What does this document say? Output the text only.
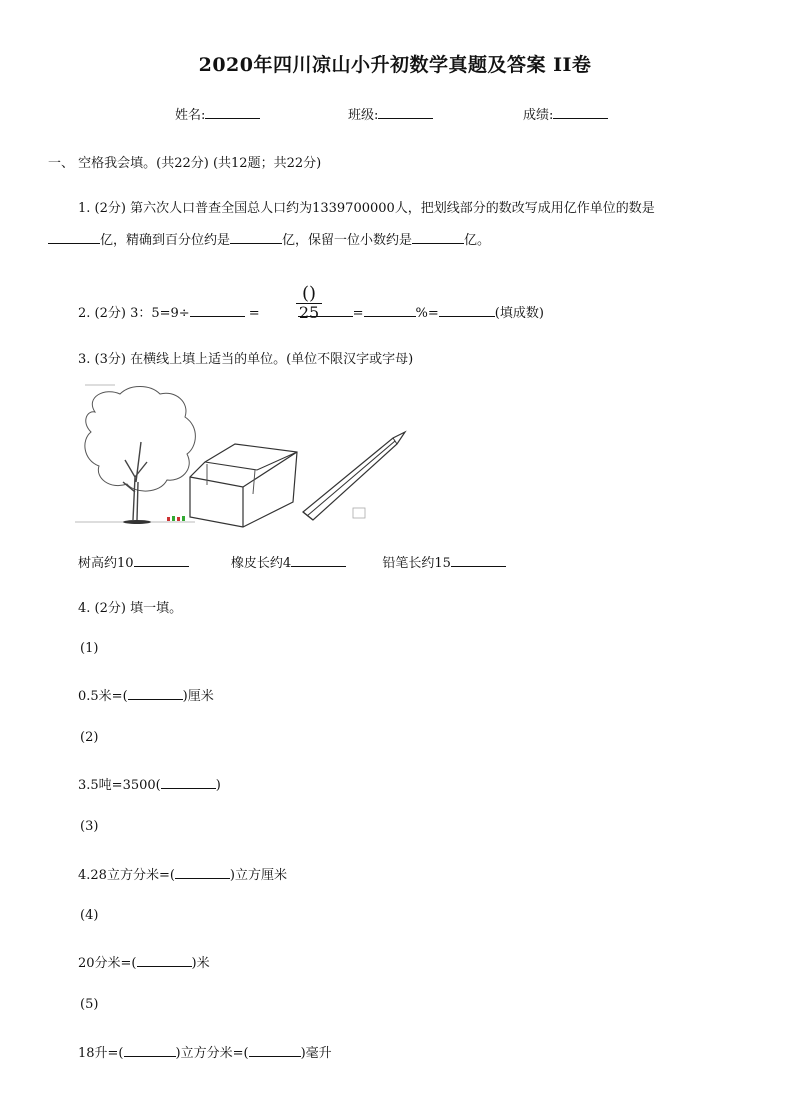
2020年四川凉山小升初数学真题及答案 II卷
姓名:	班级:	成绩:
一、 空格我会填。(共22分) (共12题；共22分)
1. (2分) 第六次人口普查全国总人口约为1339700000人，把划线部分的数改写成用亿作单位的数是
亿，精确到百分位约是	亿，保留一位小数约是	亿。
2. (2分) 3：5=9÷	=	=	%=	(填成数)
()
25
3. (3分) 在横线上填上适当的单位。(单位不限汉字或字母)
树高约10	橡皮长约4	铅笔长约15
4. (2分) 填一填。
(1)
0.5米=(	)厘米
(2)
3.5吨=3500(	)
(3)
4.28立方分米=(	)立方厘米
(4)
20分米=(	)米
(5)
18升=(	)立方分米=(	)毫升
